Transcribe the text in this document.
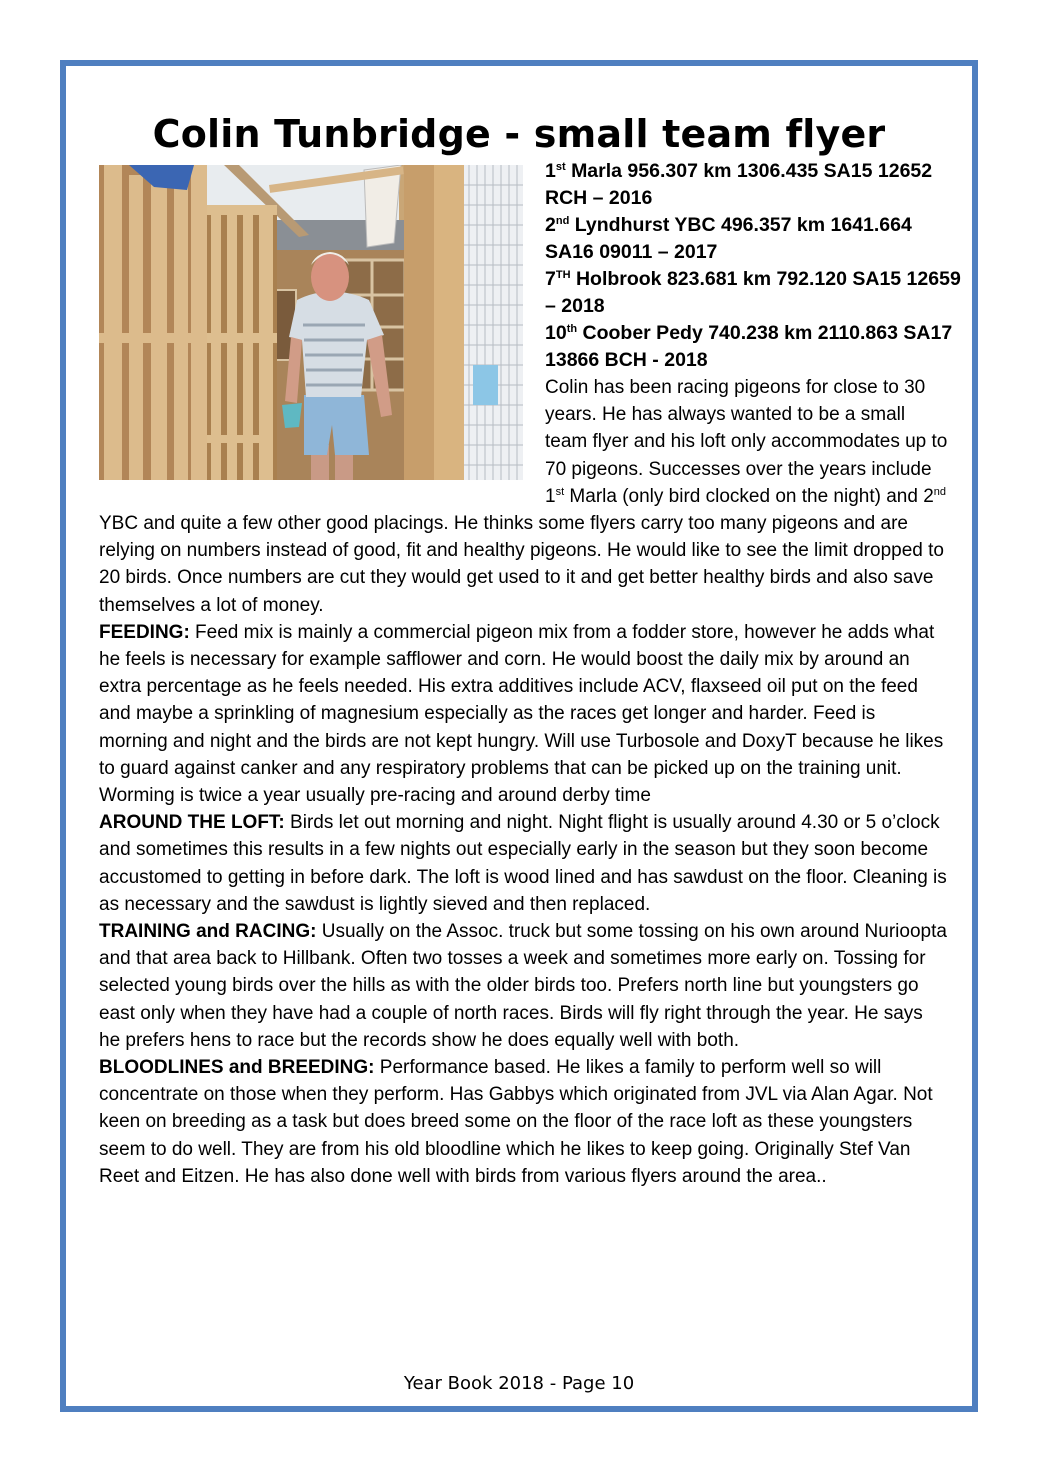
Colin Tunbridge - small team flyer
1st Marla 956.307 km 1306.435 SA15 12652 RCH – 2016
2nd Lyndhurst YBC 496.357 km 1641.664 SA16 09011 – 2017
7TH Holbrook 823.681 km 792.120 SA15 12659 – 2018
10th Coober Pedy 740.238 km 2110.863 SA17 13866 BCH - 2018

Colin has been racing pigeons for close to 30 years. He has always wanted to be a small team flyer and his loft only accommodates up to 70 pigeons. Successes over the years include 1st Marla (only bird clocked on the night) and 2nd YBC and quite a few other good placings. He thinks some flyers carry too many pigeons and are relying on numbers instead of good, fit and healthy pigeons. He would like to see the limit dropped to 20 birds. Once numbers are cut they would get used to it and get better healthy birds and also save themselves a lot of money.

FEEDING: Feed mix is mainly a commercial pigeon mix from a fodder store, however he adds what he feels is necessary for example safflower and corn. He would boost the daily mix by around an extra percentage as he feels needed. His extra additives include ACV, flaxseed oil put on the feed and maybe a sprinkling of magnesium especially as the races get longer and harder. Feed is morning and night and the birds are not kept hungry. Will use Turbosole and DoxyT because he likes to guard against canker and any respiratory problems that can be picked up on the training unit. Worming is twice a year usually pre-racing and around derby time

AROUND THE LOFT: Birds let out morning and night. Night flight is usually around 4.30 or 5 o’clock and sometimes this results in a few nights out especially early in the season but they soon become accustomed to getting in before dark. The loft is wood lined and has sawdust on the floor. Cleaning is as necessary and the sawdust is lightly sieved and then replaced.

TRAINING and RACING: Usually on the Assoc. truck but some tossing on his own around Nurioopta and that area back to Hillbank. Often two tosses a week and sometimes more early on. Tossing for selected young birds over the hills as with the older birds too. Prefers north line but youngsters go east only when they have had a couple of north races. Birds will fly right through the year. He says he prefers hens to race but the records show he does equally well with both.

BLOODLINES and BREEDING: Performance based. He likes a family to perform well so will concentrate on those when they perform. Has Gabbys which originated from JVL via Alan Agar. Not keen on breeding as a task but does breed some on the floor of the race loft as these youngsters seem to do well. They are from his old bloodline which he likes to keep going. Originally Stef Van Reet and Eitzen. He has also done well with birds from various flyers around the area..

Year Book 2018 - Page 10
